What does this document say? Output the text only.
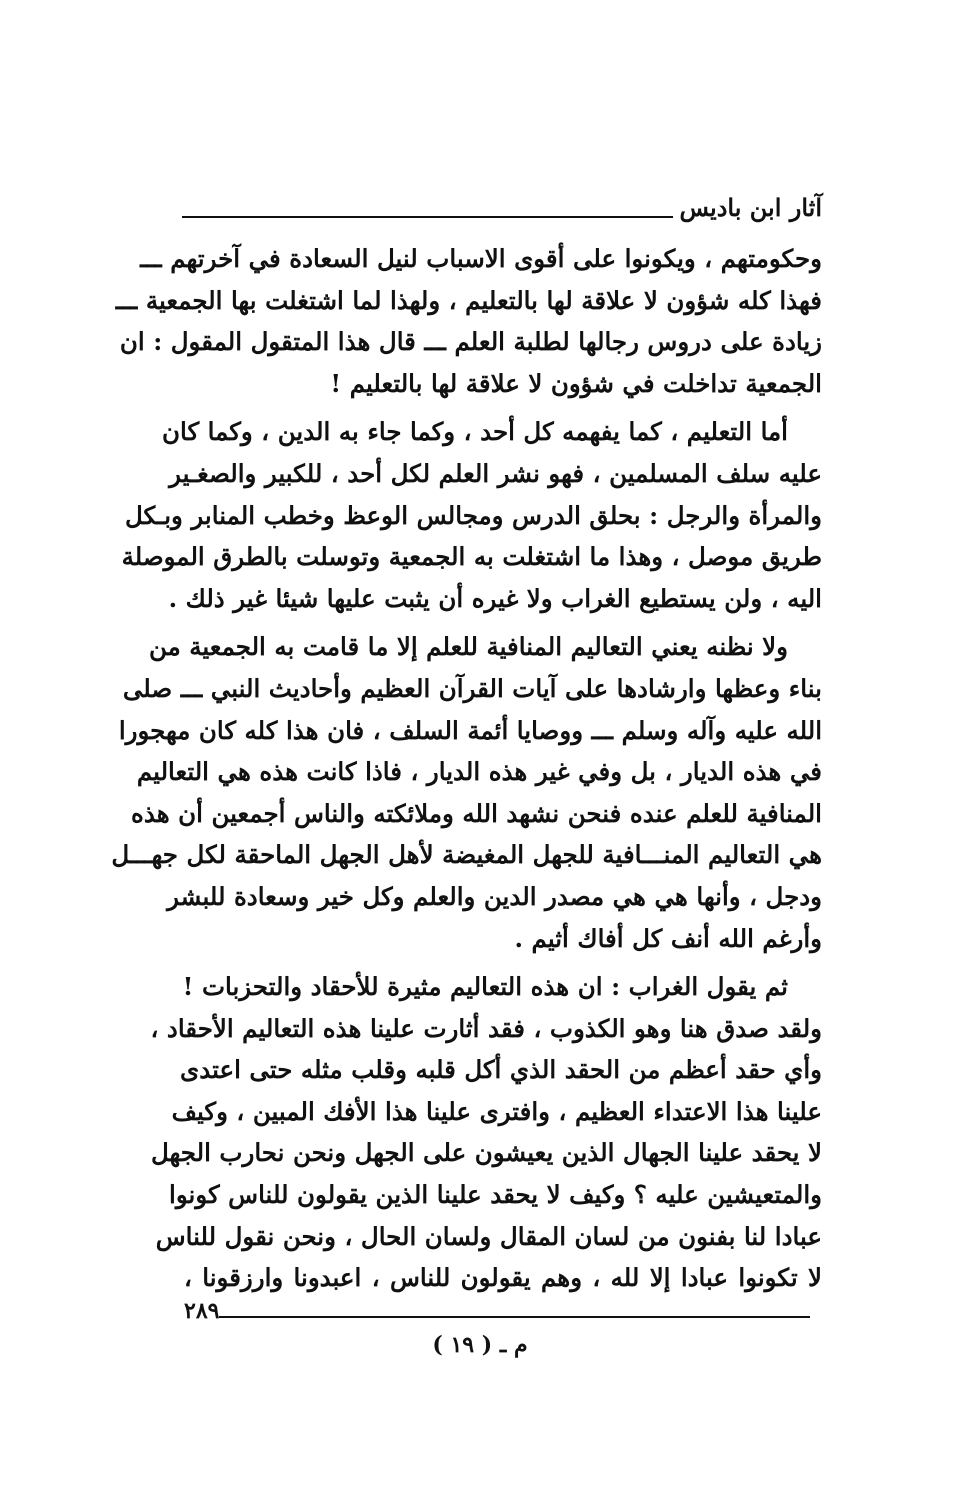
آثار ابن باديس
وحكومتهم ، ويكونوا على أقوى الاسباب لنيل السعادة في آخرتهم ـــ
فهذا كله شؤون لا علاقة لها بالتعليم ، ولهذا لما اشتغلت بها الجمعية ـــ
زيادة على دروس رجالها لطلبة العلم ـــ قال هذا المتقول المقول : ان
الجمعية تداخلت في شؤون لا علاقة لها بالتعليم !
أما التعليم ، كما يفهمه كل أحد ، وكما جاء به الدين ، وكما كان
عليه سلف المسلمين ، فهو نشر العلم لكل أحد ، للكبير والصغـير
والمرأة والرجل : بحلق الدرس ومجالس الوعظ وخطب المنابر وبـكل
طريق موصل ، وهذا ما اشتغلت به الجمعية وتوسلت بالطرق الموصلة
اليه ، ولن يستطيع الغراب ولا غيره أن يثبت عليها شيئا غير ذلك .
ولا نظنه يعني التعاليم المنافية للعلم إلا ما قامت به الجمعية من
بناء وعظها وارشادها على آيات القرآن العظيم وأحاديث النبي ـــ صلى
الله عليه وآله وسلم ـــ ووصايا أئمة السلف ، فان هذا كله كان مهجورا
في هذه الديار ، بل وفي غير هذه الديار ، فاذا كانت هذه هي التعاليم
المنافية للعلم عنده فنحن نشهد الله وملائكته والناس أجمعين أن هذه
هي التعاليم المنـــافية للجهل المغيضة لأهل الجهل الماحقة لكل جهـــل
ودجل ، وأنها هي هي مصدر الدين والعلم وكل خير وسعادة للبشر
وأرغم الله أنف كل أفاك أثيم .
ثم يقول الغراب : ان هذه التعاليم مثيرة للأحقاد والتحزبات !
ولقد صدق هنا وهو الكذوب ، فقد أثارت علينا هذه التعاليم الأحقاد ،
وأي حقد أعظم من الحقد الذي أكل قلبه وقلب مثله حتى اعتدى
علينا هذا الاعتداء العظيم ، وافترى علينا هذا الأفك المبين ، وكيف
لا يحقد علينا الجهال الذين يعيشون على الجهل ونحن نحارب الجهل
والمتعيشين عليه ؟ وكيف لا يحقد علينا الذين يقولون للناس كونوا
عبادا لنا بفنون من لسان المقال ولسان الحال ، ونحن نقول للناس
لا تكونوا عبادا إلا لله ، وهم يقولون للناس ، اعبدونا وارزقونا ،
٢٨٩
م ـ ( ١٩ )
